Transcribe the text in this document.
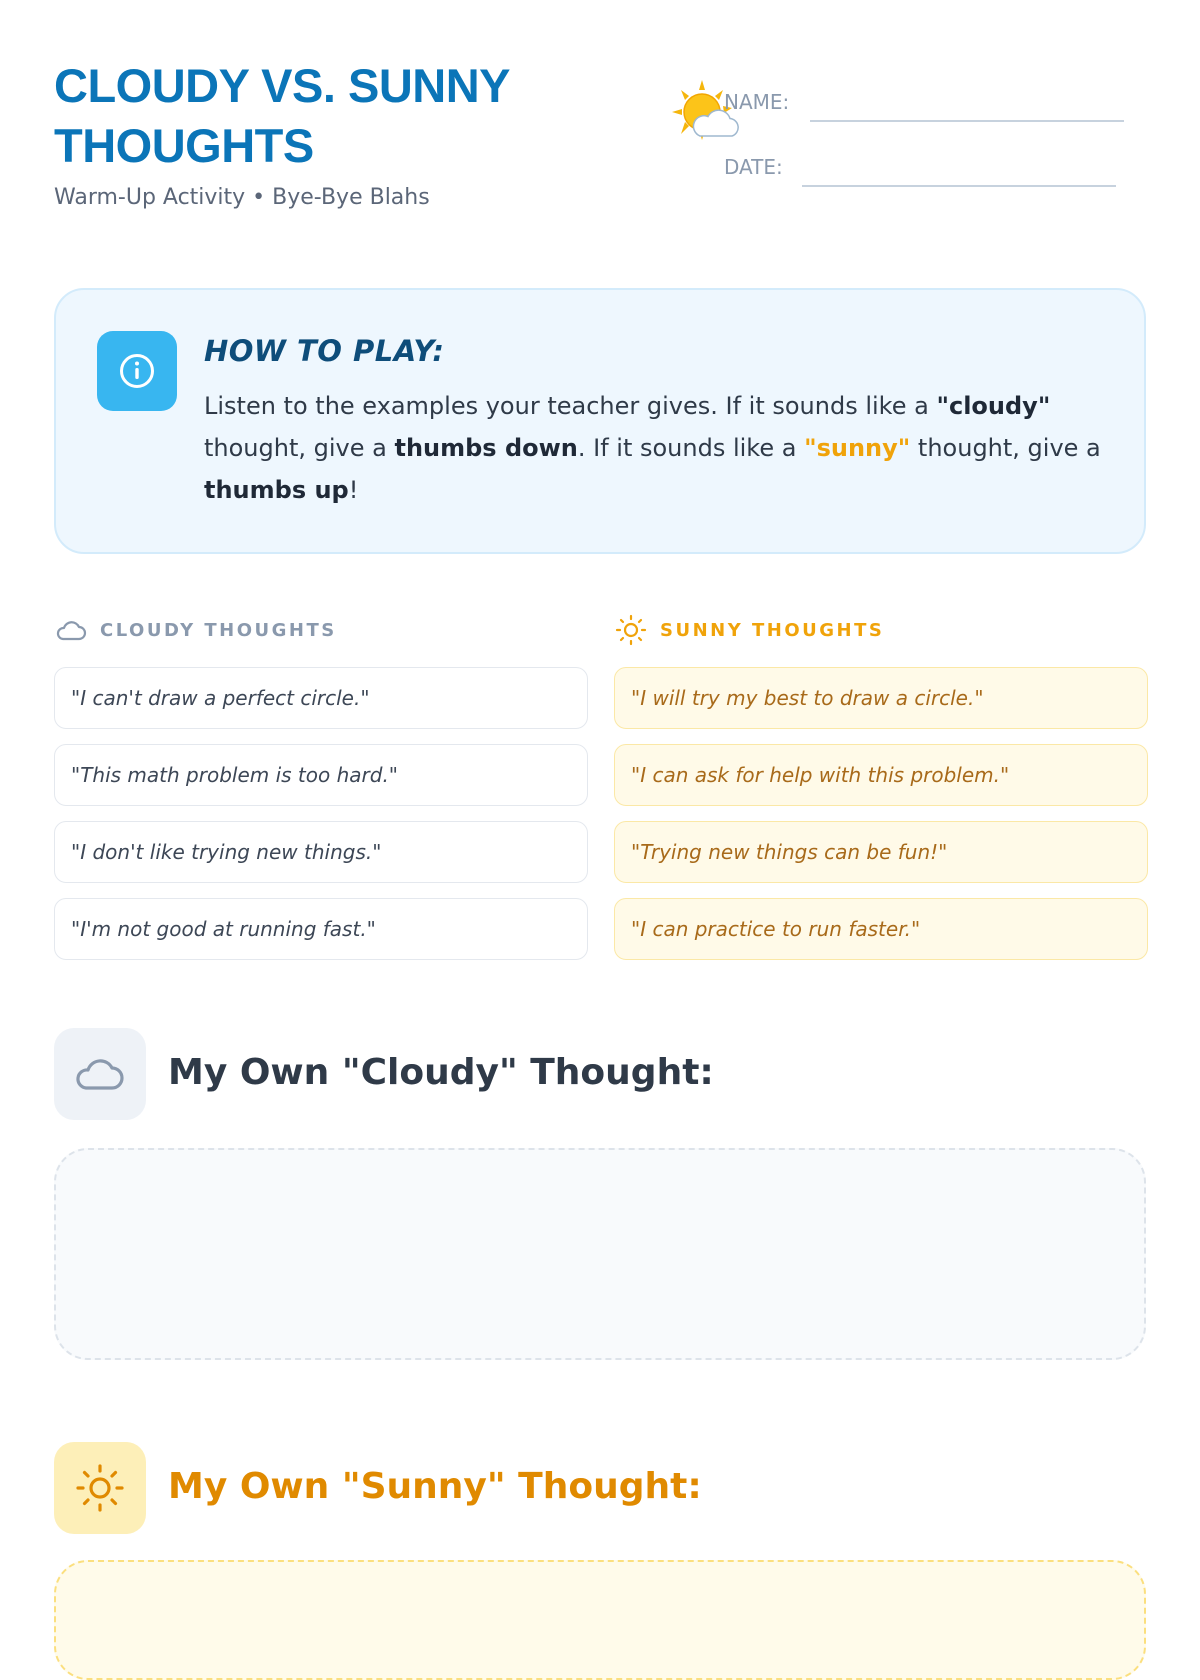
CLOUDY VS. SUNNY THOUGHTS
Warm-Up Activity • Bye-Bye Blahs
NAME:
DATE:
HOW TO PLAY:

Listen to the examples your teacher gives. If it sounds like a "cloudy" thought, give a thumbs down. If it sounds like a "sunny" thought, give a thumbs up!

CLOUDY THOUGHTS
"I can't draw a perfect circle."
"This math problem is too hard."
"I don't like trying new things."
"I'm not good at running fast."
SUNNY THOUGHTS
"I will try my best to draw a circle."
"I can ask for help with this problem."
"Trying new things can be fun!"
"I can practice to run faster."
My Own "Cloudy" Thought:
My Own "Sunny" Thought:
